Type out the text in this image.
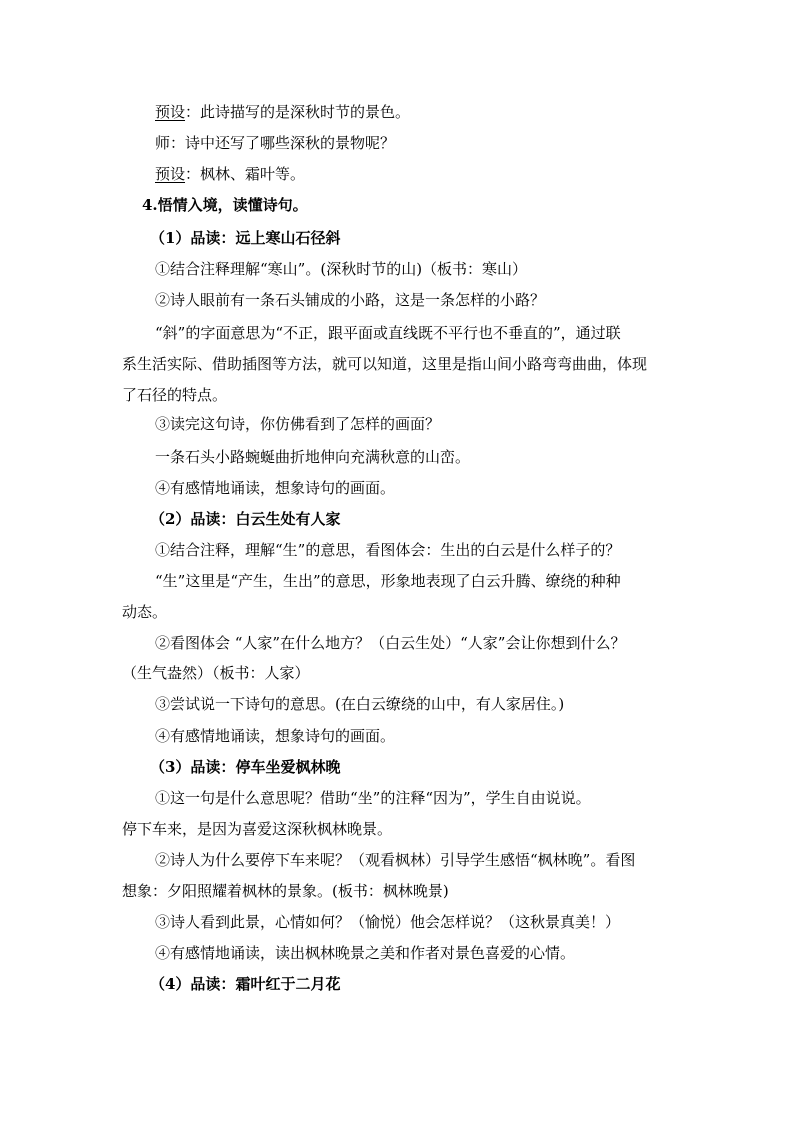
预设：此诗描写的是深秋时节的景色。
师：诗中还写了哪些深秋的景物呢？
预设：枫林、霜叶等。
4.悟情入境，读懂诗句。
（1）品读：远上寒山石径斜
①结合注释理解“寒山”。(深秋时节的山)（板书：寒山）
②诗人眼前有一条石头铺成的小路，这是一条怎样的小路？
“斜”的字面意思为“不正，跟平面或直线既不平行也不垂直的”，通过联
系生活实际、借助插图等方法，就可以知道，这里是指山间小路弯弯曲曲，体现
了石径的特点。
③读完这句诗，你仿佛看到了怎样的画面？
一条石头小路蜿蜒曲折地伸向充满秋意的山峦。
④有感情地诵读，想象诗句的画面。
（2）品读：白云生处有人家
①结合注释，理解“生”的意思，看图体会：生出的白云是什么样子的？
“生”这里是“产生，生出”的意思，形象地表现了白云升腾、缭绕的种种
动态。
②看图体会 “人家”在什么地方？（白云生处）“人家”会让你想到什么？
（生气盎然）（板书：人家）
③尝试说一下诗句的意思。(在白云缭绕的山中，有人家居住。)
④有感情地诵读，想象诗句的画面。
（3）品读：停车坐爱枫林晚
①这一句是什么意思呢？借助“坐”的注释“因为”，学生自由说说。
停下车来，是因为喜爱这深秋枫林晚景。
②诗人为什么要停下车来呢？（观看枫林）引导学生感悟“枫林晚”。看图
想象：夕阳照耀着枫林的景象。(板书：枫林晚景)
③诗人看到此景，心情如何？（愉悦）他会怎样说？（这秋景真美！）
④有感情地诵读，读出枫林晚景之美和作者对景色喜爱的心情。
（4）品读：霜叶红于二月花
